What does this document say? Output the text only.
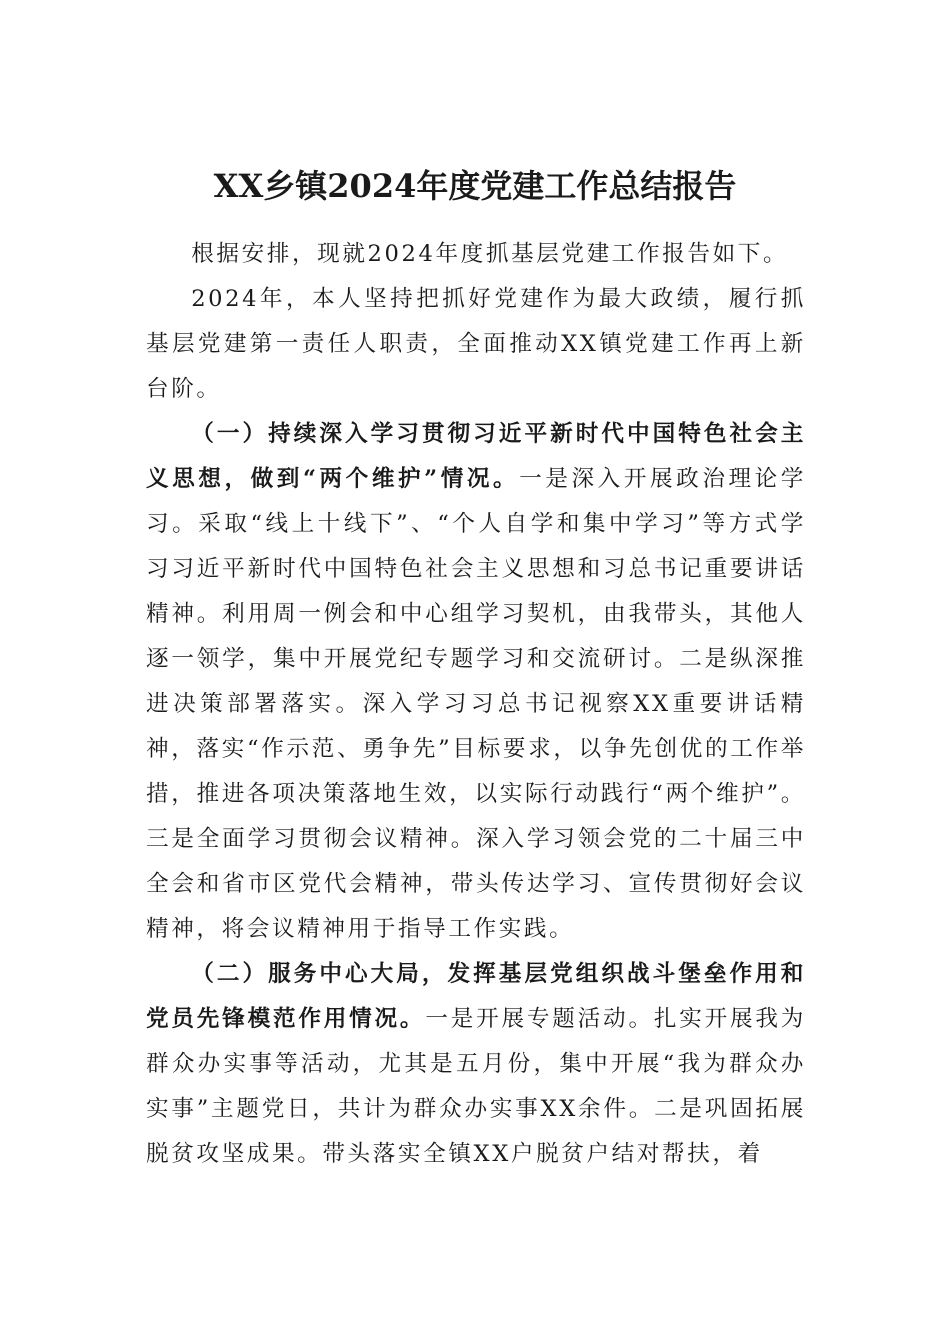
XX乡镇2024年度党建工作总结报告

根据安排，现就2024年度抓基层党建工作报告如下。

2024年，本人坚持把抓好党建作为最大政绩，履行抓基层党建第一责任人职责，全面推动XX镇党建工作再上新台阶。

（一）持续深入学习贯彻习近平新时代中国特色社会主义思想，做到“两个维护”情况。一是深入开展政治理论学习。采取“线上十线下”、“个人自学和集中学习”等方式学习习近平新时代中国特色社会主义思想和习总书记重要讲话精神。利用周一例会和中心组学习契机，由我带头，其他人逐一领学，集中开展党纪专题学习和交流研讨。二是纵深推进决策部署落实。深入学习习总书记视察XX重要讲话精神，落实“作示范、勇争先”目标要求，以争先创优的工作举措，推进各项决策落地生效，以实际行动践行“两个维护”。三是全面学习贯彻会议精神。深入学习领会党的二十届三中全会和省市区党代会精神，带头传达学习、宣传贯彻好会议精神，将会议精神用于指导工作实践。

（二）服务中心大局，发挥基层党组织战斗堡垒作用和党员先锋模范作用情况。一是开展专题活动。扎实开展我为群众办实事等活动，尤其是五月份，集中开展“我为群众办实事”主题党日，共计为群众办实事XX余件。二是巩固拓展脱贫攻坚成果。带头落实全镇XX户脱贫户结对帮扶，着
